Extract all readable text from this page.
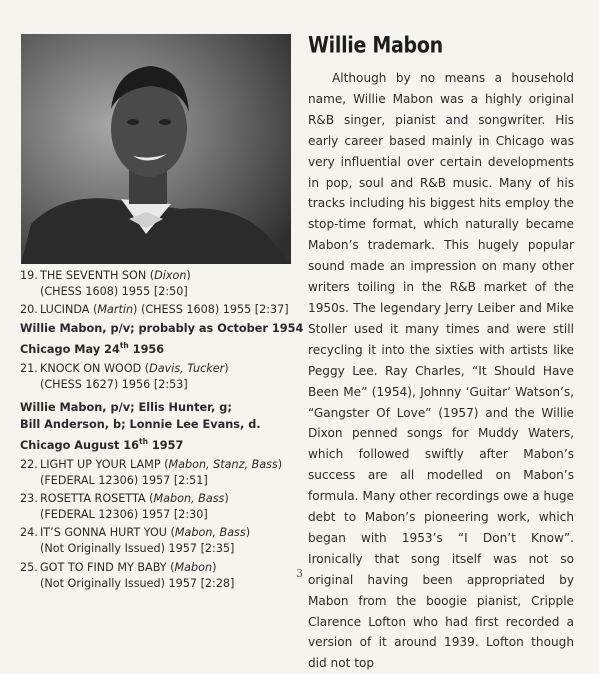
19. THE SEVENTH SON (Dixon)
(CHESS 1608) 1955 [2:50]
20. LUCINDA (Martin) (CHESS 1608) 1955 [2:37]
Willie Mabon, p/v; probably as October 1954
Chicago May 24th 1956
21. KNOCK ON WOOD (Davis, Tucker)
(CHESS 1627) 1956 [2:53]
Willie Mabon, p/v; Ellis Hunter, g;
Bill Anderson, b; Lonnie Lee Evans, d.
Chicago August 16th 1957
22. LIGHT UP YOUR LAMP (Mabon, Stanz, Bass)
(FEDERAL 12306) 1957 [2:51]
23. ROSETTA ROSETTA (Mabon, Bass)
(FEDERAL 12306) 1957 [2:30]
24. IT’S GONNA HURT YOU (Mabon, Bass)
(Not Originally Issued) 1957 [2:35]
25. GOT TO FIND MY BABY (Mabon)
(Not Originally Issued) 1957 [2:28]
Willie Mabon

Although by no means a household name, Willie Mabon was a highly original R&B singer, pianist and songwriter. His early career based mainly in Chicago was very influential over certain developments in pop, soul and R&B music. Many of his tracks including his biggest hits employ the stop-time format, which naturally became Mabon’s trademark. This hugely popular sound made an impression on many other writers toiling in the R&B market of the 1950s. The legendary Jerry Leiber and Mike Stoller used it many times and were still recycling it into the sixties with artists like Peggy Lee. Ray Charles, “It Should Have Been Me” (1954), Johnny ‘Guitar’ Watson’s, “Gangster Of Love” (1957) and the Willie Dixon penned songs for Muddy Waters, which followed swiftly after Mabon’s success are all modelled on Mabon’s formula. Many other recordings owe a huge debt to Mabon’s pioneering work, which began with 1953’s “I Don’t Know”. Ironically that song itself was not so original having been appropriated by Mabon from the boogie pianist, Cripple Clarence Lofton who had first recorded a version of it around 1939. Lofton though did not top

3
